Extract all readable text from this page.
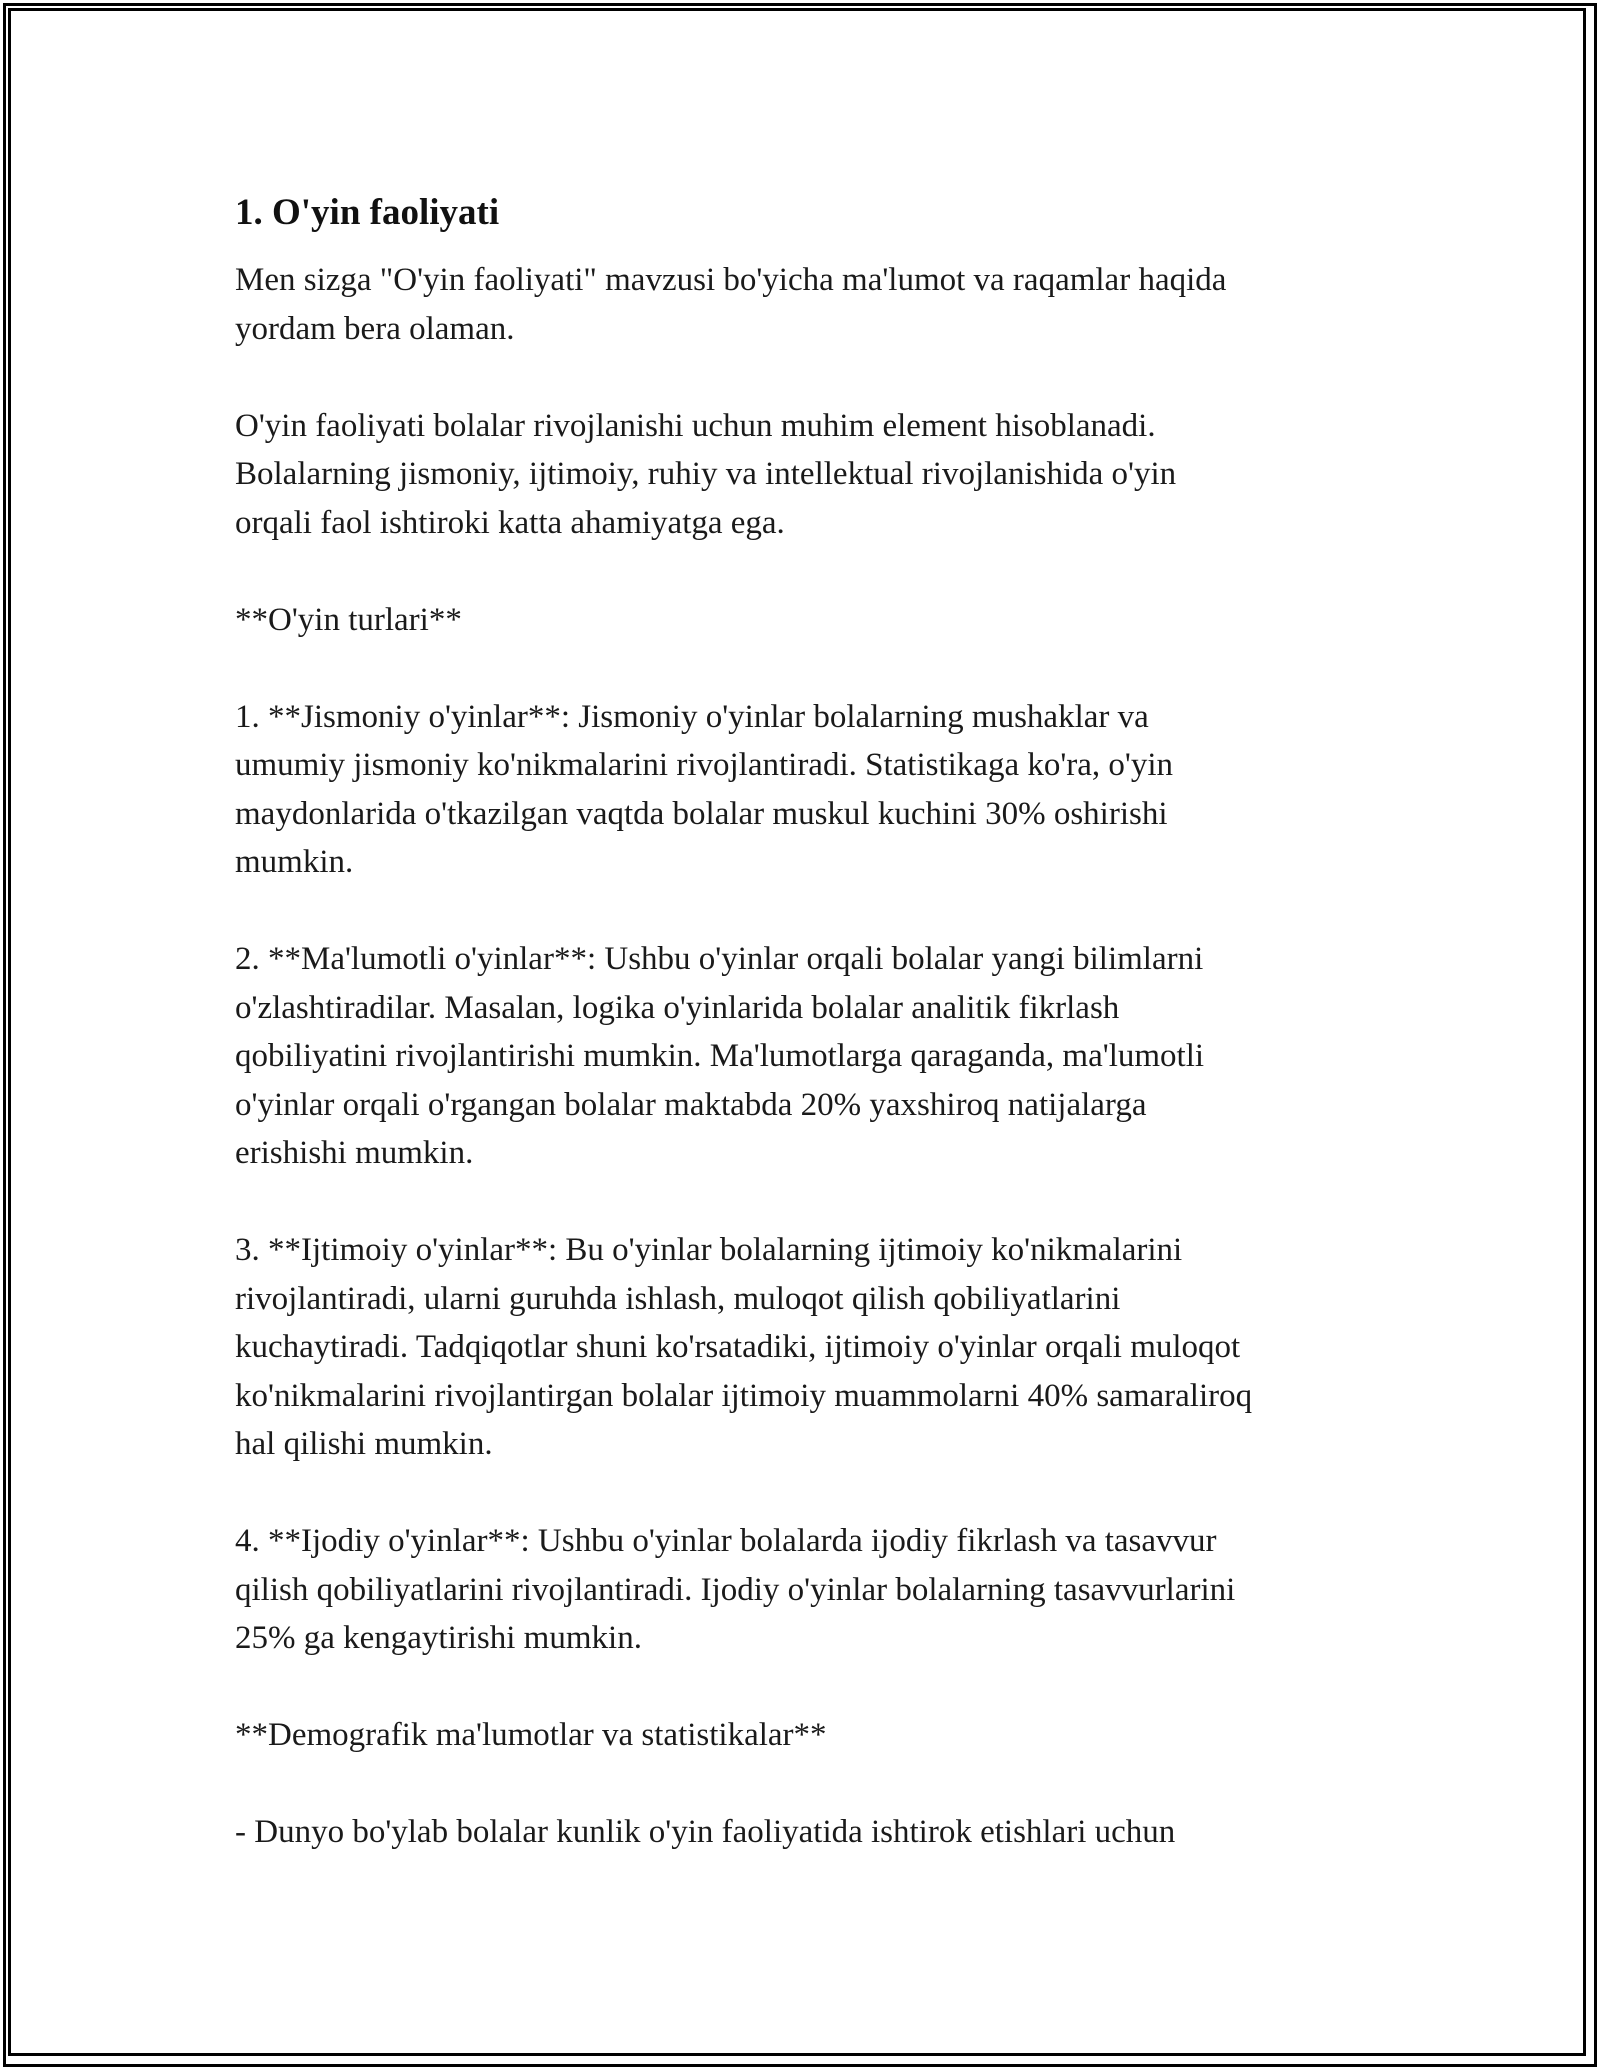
1. O'yin faoliyati

Men sizga "O'yin faoliyati" mavzusi bo'yicha ma'lumot va raqamlar haqida
yordam bera olaman.

O'yin faoliyati bolalar rivojlanishi uchun muhim element hisoblanadi.
Bolalarning jismoniy, ijtimoiy, ruhiy va intellektual rivojlanishida o'yin
orqali faol ishtiroki katta ahamiyatga ega.

**O'yin turlari**

1. **Jismoniy o'yinlar**: Jismoniy o'yinlar bolalarning mushaklar va
umumiy jismoniy ko'nikmalarini rivojlantiradi. Statistikaga ko'ra, o'yin
maydonlarida o'tkazilgan vaqtda bolalar muskul kuchini 30% oshirishi
mumkin.

2. **Ma'lumotli o'yinlar**: Ushbu o'yinlar orqali bolalar yangi bilimlarni
o'zlashtiradilar. Masalan, logika o'yinlarida bolalar analitik fikrlash
qobiliyatini rivojlantirishi mumkin. Ma'lumotlarga qaraganda, ma'lumotli
o'yinlar orqali o'rgangan bolalar maktabda 20% yaxshiroq natijalarga
erishishi mumkin.

3. **Ijtimoiy o'yinlar**: Bu o'yinlar bolalarning ijtimoiy ko'nikmalarini
rivojlantiradi, ularni guruhda ishlash, muloqot qilish qobiliyatlarini
kuchaytiradi. Tadqiqotlar shuni ko'rsatadiki, ijtimoiy o'yinlar orqali muloqot
ko'nikmalarini rivojlantirgan bolalar ijtimoiy muammolarni 40% samaraliroq
hal qilishi mumkin.

4. **Ijodiy o'yinlar**: Ushbu o'yinlar bolalarda ijodiy fikrlash va tasavvur
qilish qobiliyatlarini rivojlantiradi. Ijodiy o'yinlar bolalarning tasavvurlarini
25% ga kengaytirishi mumkin.

**Demografik ma'lumotlar va statistikalar**

- Dunyo bo'ylab bolalar kunlik o'yin faoliyatida ishtirok etishlari uchun
